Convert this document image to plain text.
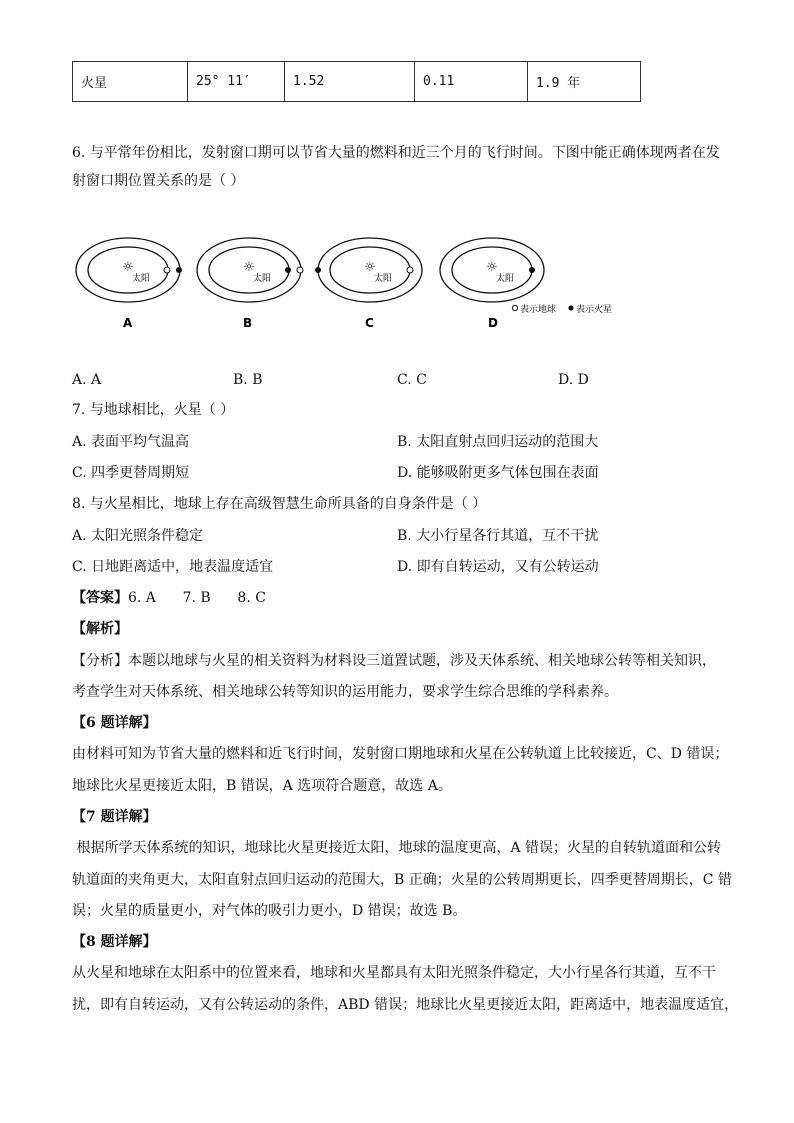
火星	25° 11′	1.52	0.11	1.9 年
6. 与平常年份相比，发射窗口期可以节省大量的燃料和近三个月的飞行时间。下图中能正确体现两者在发
射窗口期位置关系的是（ ）
☼
太阳
A
☼
太阳
B
☼
太阳
C
☼
太阳
D
表示地球 表示火星
A. A	B. B	C. C	D. D
7. 与地球相比，火星（ ）
A. 表面平均气温高	B. 太阳直射点回归运动的范围大
C. 四季更替周期短	D. 能够吸附更多气体包围在表面
8. 与火星相比，地球上存在高级智慧生命所具备的自身条件是（ ）
A. 太阳光照条件稳定	B. 大小行星各行其道，互不干扰
C. 日地距离适中，地表温度适宜	D. 即有自转运动，又有公转运动
【答案】6. A      7. B      8. C
【解析】
【分析】本题以地球与火星的相关资料为材料设三道置试题，涉及天体系统、相关地球公转等相关知识，
考查学生对天体系统、相关地球公转等知识的运用能力，要求学生综合思维的学科素养。
【6 题详解】
由材料可知为节省大量的燃料和近飞行时间，发射窗口期地球和火星在公转轨道上比较接近，C、D 错误；
地球比火星更接近太阳，B 错误，A 选项符合题意，故选 A。
【7 题详解】
根据所学天体系统的知识，地球比火星更接近太阳，地球的温度更高，A 错误；火星的自转轨道面和公转
轨道面的夹角更大，太阳直射点回归运动的范围大，B 正确；火星的公转周期更长，四季更替周期长，C 错
误；火星的质量更小，对气体的吸引力更小，D 错误；故选 B。
【8 题详解】
从火星和地球在太阳系中的位置来看，地球和火星都具有太阳光照条件稳定，大小行星各行其道，互不干
扰，即有自转运动，又有公转运动的条件，ABD 错误；地球比火星更接近太阳，距离适中，地表温度适宜，
